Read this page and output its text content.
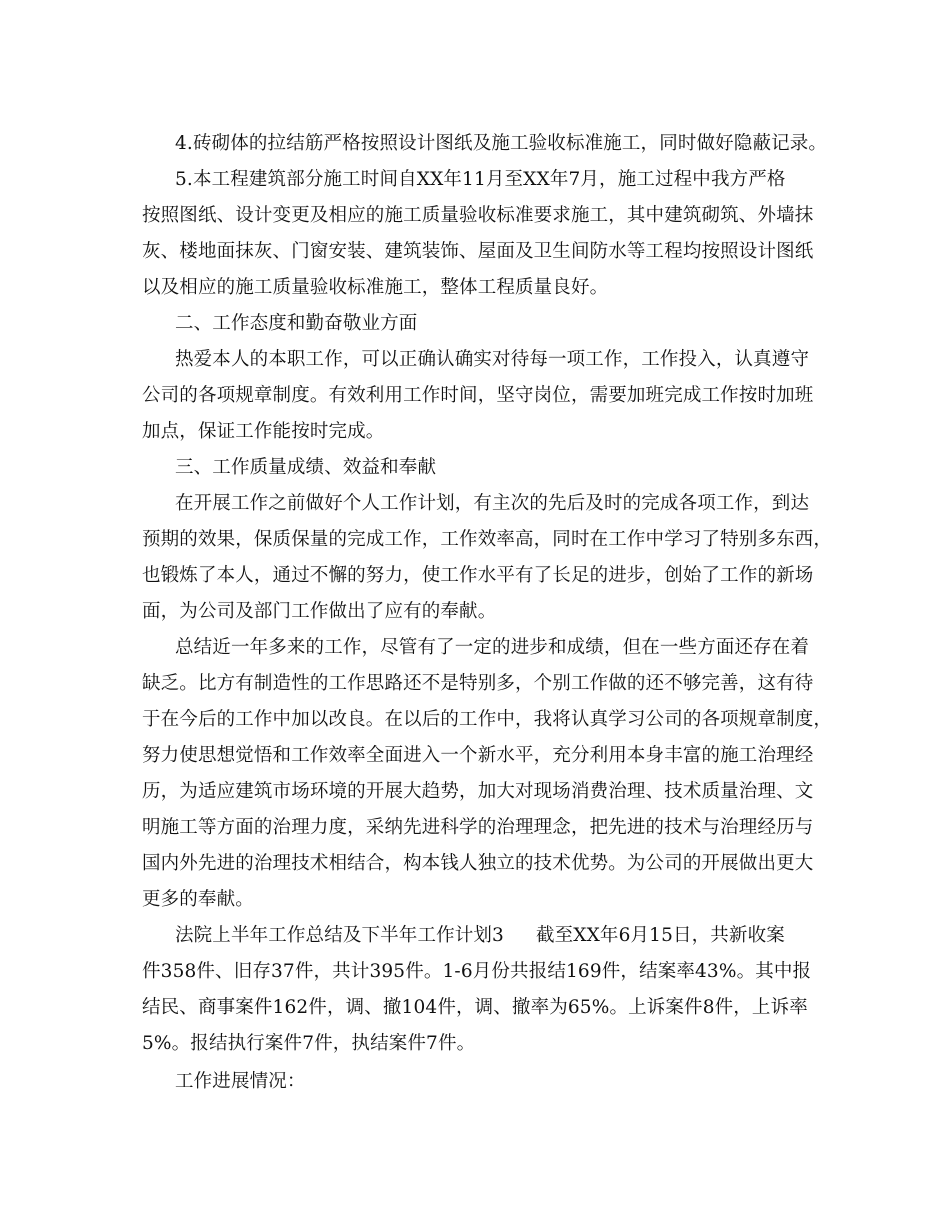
4.砖砌体的拉结筋严格按照设计图纸及施工验收标准施工，同时做好隐蔽记录。
5.本工程建筑部分施工时间自XX年11月至XX年7月，施工过程中我方严格
按照图纸、设计变更及相应的施工质量验收标准要求施工，其中建筑砌筑、外墙抹
灰、楼地面抹灰、门窗安装、建筑装饰、屋面及卫生间防水等工程均按照设计图纸
以及相应的施工质量验收标准施工，整体工程质量良好。
二、工作态度和勤奋敬业方面
热爱本人的本职工作，可以正确认确实对待每一项工作，工作投入，认真遵守
公司的各项规章制度。有效利用工作时间，坚守岗位，需要加班完成工作按时加班
加点，保证工作能按时完成。
三、工作质量成绩、效益和奉献
在开展工作之前做好个人工作计划，有主次的先后及时的完成各项工作，到达
预期的效果，保质保量的完成工作，工作效率高，同时在工作中学习了特别多东西，
也锻炼了本人，通过不懈的努力，使工作水平有了长足的进步，创始了工作的新场
面，为公司及部门工作做出了应有的奉献。
总结近一年多来的工作，尽管有了一定的进步和成绩，但在一些方面还存在着
缺乏。比方有制造性的工作思路还不是特别多，个别工作做的还不够完善，这有待
于在今后的工作中加以改良。在以后的工作中，我将认真学习公司的各项规章制度，
努力使思想觉悟和工作效率全面进入一个新水平，充分利用本身丰富的施工治理经
历，为适应建筑市场环境的开展大趋势，加大对现场消费治理、技术质量治理、文
明施工等方面的治理力度，采纳先进科学的治理理念，把先进的技术与治理经历与
国内外先进的治理技术相结合，构本钱人独立的技术优势。为公司的开展做出更大
更多的奉献。
法院上半年工作总结及下半年工作计划3 截至XX年6月15日，共新收案
件358件、旧存37件，共计395件。1-6月份共报结169件，结案率43%。其中报
结民、商事案件162件，调、撤104件，调、撤率为65%。上诉案件8件，上诉率
5%。报结执行案件7件，执结案件7件。
工作进展情况：
